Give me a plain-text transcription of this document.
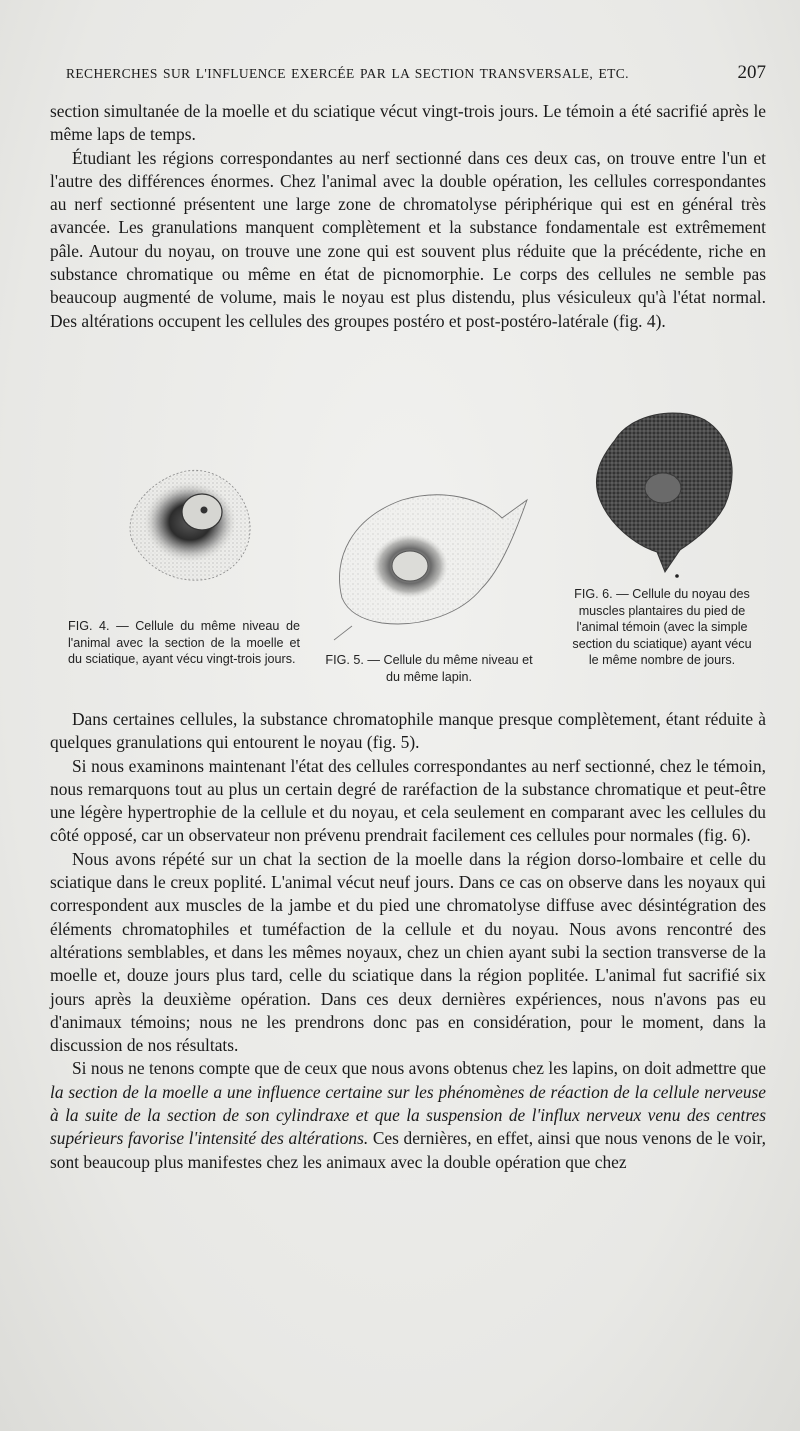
RECHERCHES SUR L'INFLUENCE EXERCÉE PAR LA SECTION TRANSVERSALE, ETC.	207

section simultanée de la moelle et du sciatique vécut vingt-trois jours. Le témoin a été sacrifié après le même laps de temps.

Étudiant les régions correspondantes au nerf sectionné dans ces deux cas, on trouve entre l'un et l'autre des différences énormes. Chez l'animal avec la double opération, les cellules correspondantes au nerf sectionné présentent une large zone de chromatolyse périphérique qui est en général très avancée. Les granulations manquent complètement et la substance fondamentale est extrêmement pâle. Autour du noyau, on trouve une zone qui est souvent plus réduite que la précédente, riche en substance chromatique ou même en état de picnomorphie. Le corps des cellules ne semble pas beaucoup augmenté de volume, mais le noyau est plus distendu, plus vésiculeux qu'à l'état normal. Des altérations occupent les cellules des groupes postéro et post-postéro-latérale (fig. 4).

FIG. 4. — Cellule du même niveau de l'animal avec la section de la moelle et du sciatique, ayant vécu vingt-trois jours.	FIG. 5. — Cellule du même niveau et du même lapin.
FIG. 6. — Cellule du noyau des muscles plantaires du pied de l'animal témoin (avec la simple section du sciatique) ayant vécu le même nombre de jours.

Dans certaines cellules, la substance chromatophile manque presque complètement, étant réduite à quelques granulations qui entourent le noyau (fig. 5).

Si nous examinons maintenant l'état des cellules correspondantes au nerf sectionné, chez le témoin, nous remarquons tout au plus un certain degré de raréfaction de la substance chromatique et peut-être une légère hypertrophie de la cellule et du noyau, et cela seulement en comparant avec les cellules du côté opposé, car un observateur non prévenu prendrait facilement ces cellules pour normales (fig. 6).

Nous avons répété sur un chat la section de la moelle dans la région dorso-lombaire et celle du sciatique dans le creux poplité. L'animal vécut neuf jours. Dans ce cas on observe dans les noyaux qui correspondent aux muscles de la jambe et du pied une chromatolyse diffuse avec désintégration des éléments chromatophiles et tuméfaction de la cellule et du noyau. Nous avons rencontré des altérations semblables, et dans les mêmes noyaux, chez un chien ayant subi la section transverse de la moelle et, douze jours plus tard, celle du sciatique dans la région poplitée. L'animal fut sacrifié six jours après la deuxième opération. Dans ces deux dernières expériences, nous n'avons pas eu d'animaux témoins; nous ne les prendrons donc pas en considération, pour le moment, dans la discussion de nos résultats.

Si nous ne tenons compte que de ceux que nous avons obtenus chez les lapins, on doit admettre que la section de la moelle a une influence certaine sur les phénomènes de réaction de la cellule nerveuse à la suite de la section de son cylindraxe et que la suspension de l'influx nerveux venu des centres supérieurs favorise l'intensité des altérations. Ces dernières, en effet, ainsi que nous venons de le voir, sont beaucoup plus manifestes chez les animaux avec la double opération que chez
